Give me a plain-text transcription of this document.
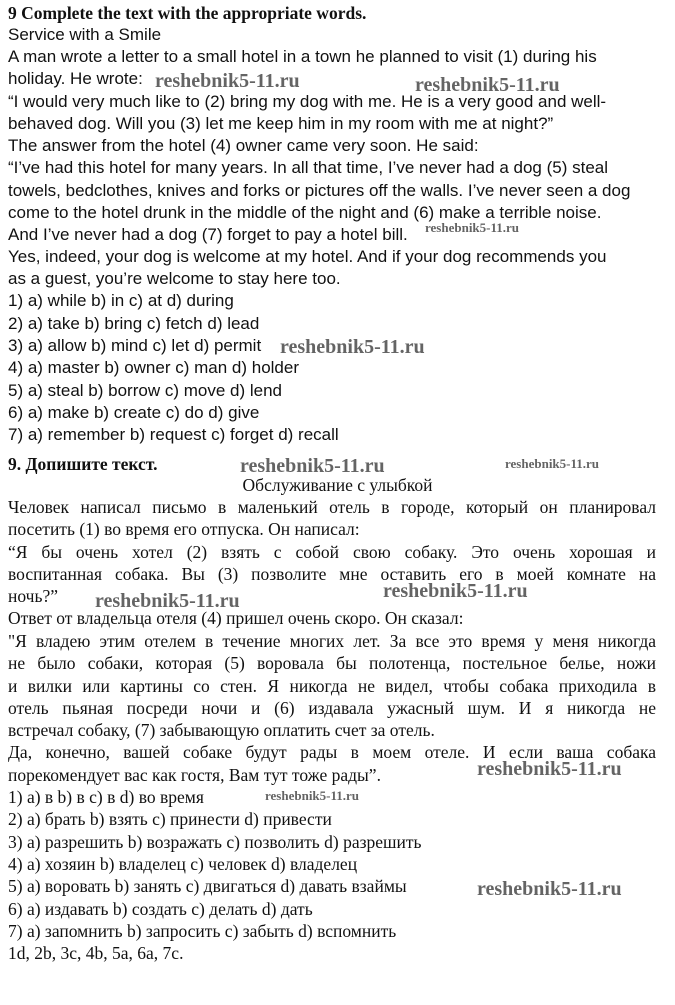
9 Complete the text with the appropriate words.
Service with a Smile
A man wrote a letter to a small hotel in a town he planned to visit (1) during his
holiday. He wrote:
“I would very much like to (2) bring my dog with me. He is a very good and well-
behaved dog. Will you (3) let me keep him in my room with me at night?”
The answer from the hotel (4) owner came very soon. He said:
“I’ve had this hotel for many years. In all that time, I’ve never had a dog (5) steal
towels, bedclothes, knives and forks or pictures off the walls. I’ve never seen a dog
come to the hotel drunk in the middle of the night and (6) make a terrible noise.
And I’ve never had a dog (7) forget to pay a hotel bill.
Yes, indeed, your dog is welcome at my hotel. And if your dog recommends you
as a guest, you’re welcome to stay here too.
1) a) while b) in c) at d) during
2) a) take b) bring c) fetch d) lead
3) a) allow b) mind c) let d) permit
4) a) master b) owner c) man d) holder
5) a) steal b) borrow c) move d) lend
6) a) make b) create c) do d) give
7) a) remember b) request c) forget d) recall
9. Допишите текст.
Обслуживание с улыбкой
Человек написал письмо в маленький отель в городе, который он планировал
посетить (1) во время его отпуска. Он написал:
“Я бы очень хотел (2) взять с собой свою собаку. Это очень хорошая и
воспитанная собака. Вы (3) позволите мне оставить его в моей комнате на
ночь?”
Ответ от владельца отеля (4) пришел очень скоро. Он сказал:
"Я владею этим отелем в течение многих лет. За все это время у меня никогда
не было собаки, которая (5) воровала бы полотенца, постельное белье, ножи
и вилки или картины со стен. Я никогда не видел, чтобы собака приходила в
отель пьяная посреди ночи и (6) издавала ужасный шум. И я никогда не
встречал собаку, (7) забывающую оплатить счет за отель.
Да, конечно, вашей собаке будут рады в моем отеле. И если ваша собака
порекомендует вас как гостя, Вам тут тоже рады”.
1) a) в b) в c) в d) во время
2) a) брать b) взять c) принести d) привести
3) a) разрешить b) возражать c) позволить d) разрешить
4) a) хозяин b) владелец c) человек d) владелец
5) a) воровать b) занять c) двигаться d) давать взаймы
6) a) издавать b) создать c) делать d) дать
7) a) запомнить b) запросить c) забыть d) вспомнить
1d, 2b, 3c, 4b, 5a, 6a, 7c.
reshebnik5-11.ru	reshebnik5-11.ru
reshebnik5-11.ru
reshebnik5-11.ru
reshebnik5-11.ru	reshebnik5-11.ru
reshebnik5-11.ru
reshebnik5-11.ru
reshebnik5-11.ru
reshebnik5-11.ru
reshebnik5-11.ru
